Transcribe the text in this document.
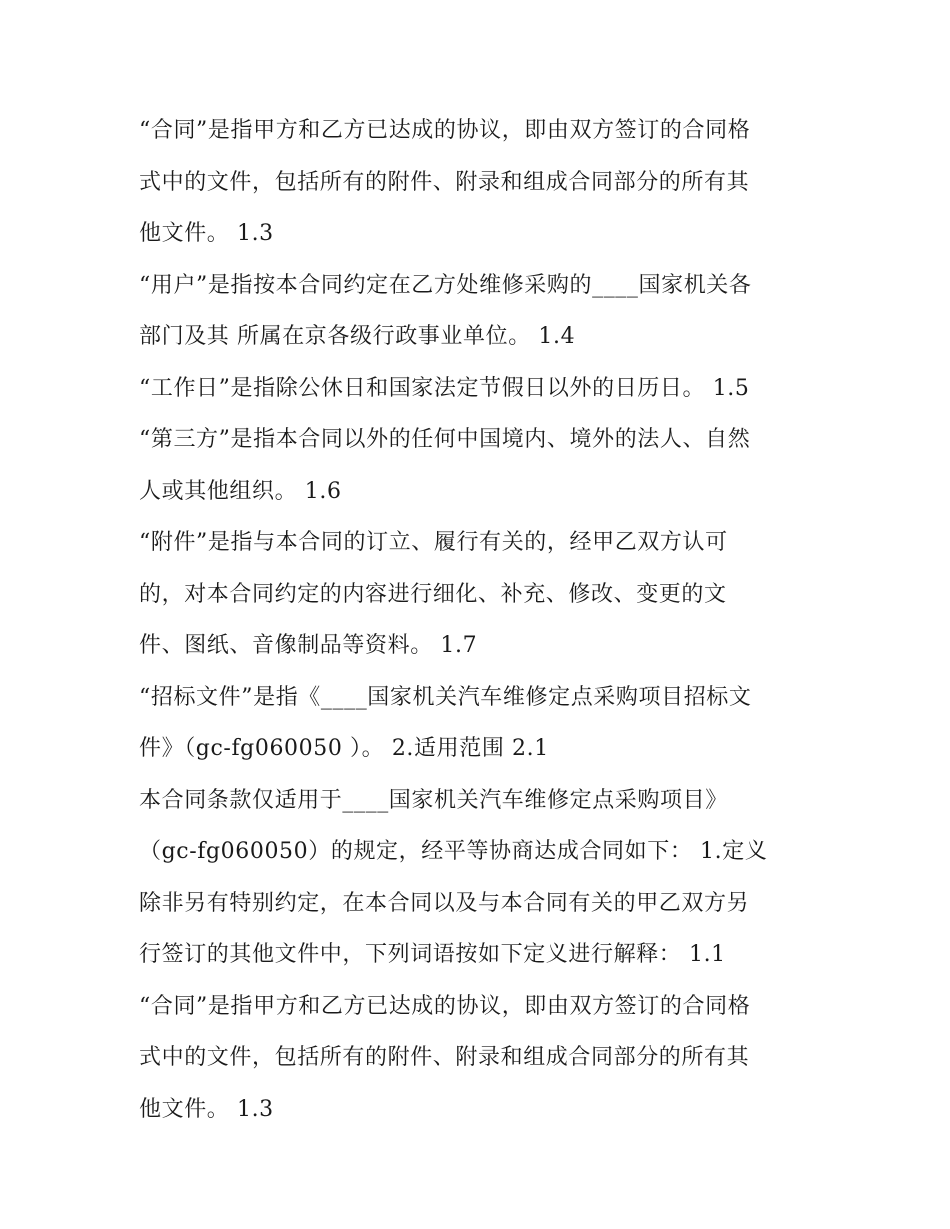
“合同”是指甲方和乙方已达成的协议，即由双方签订的合同格
式中的文件，包括所有的附件、附录和组成合同部分的所有其
他文件。 1.3
“用户”是指按本合同约定在乙方处维修采购的____国家机关各
部门及其 所属在京各级行政事业单位。 1.4
“工作日”是指除公休日和国家法定节假日以外的日历日。 1.5
“第三方”是指本合同以外的任何中国境内、境外的法人、自然
人或其他组织。 1.6
“附件”是指与本合同的订立、履行有关的，经甲乙双方认可
的，对本合同约定的内容进行细化、补充、修改、变更的文
件、图纸、音像制品等资料。 1.7
“招标文件”是指《____国家机关汽车维修定点采购项目招标文
件》（gc-fg060050 ）。 2.适用范围 2.1
本合同条款仅适用于____国家机关汽车维修定点采购项目》
（gc-fg060050）的规定，经平等协商达成合同如下： 1.定义
除非另有特别约定，在本合同以及与本合同有关的甲乙双方另
行签订的其他文件中，下列词语按如下定义进行解释： 1.1
“合同”是指甲方和乙方已达成的协议，即由双方签订的合同格
式中的文件，包括所有的附件、附录和组成合同部分的所有其
他文件。 1.3
